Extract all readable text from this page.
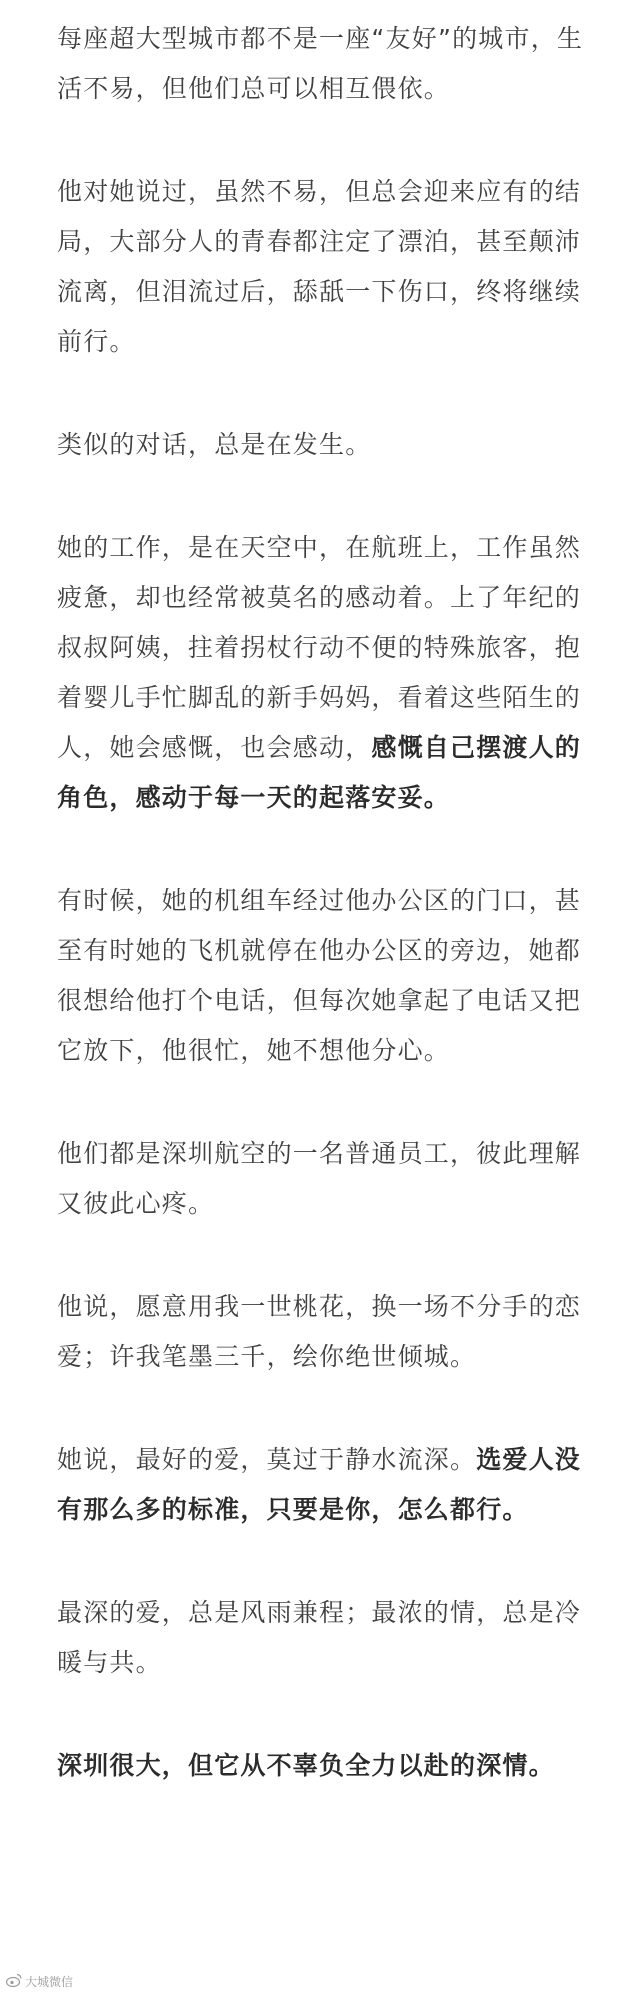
每座超大型城市都不是一座“友好”的城市，生活不易，但他们总可以相互偎依。

他对她说过，虽然不易，但总会迎来应有的结局，大部分人的青春都注定了漂泊，甚至颠沛流离，但泪流过后，舔舐一下伤口，终将继续前行。

类似的对话，总是在发生。

她的工作，是在天空中，在航班上，工作虽然疲惫，却也经常被莫名的感动着。上了年纪的叔叔阿姨，拄着拐杖行动不便的特殊旅客，抱着婴儿手忙脚乱的新手妈妈，看着这些陌生的人，她会感慨，也会感动，感慨自己摆渡人的角色，感动于每一天的起落安妥。

有时候，她的机组车经过他办公区的门口，甚至有时她的飞机就停在他办公区的旁边，她都很想给他打个电话，但每次她拿起了电话又把它放下，他很忙，她不想他分心。

他们都是深圳航空的一名普通员工，彼此理解又彼此心疼。

他说，愿意用我一世桃花，换一场不分手的恋爱；许我笔墨三千，绘你绝世倾城。

她说，最好的爱，莫过于静水流深。选爱人没有那么多的标准，只要是你，怎么都行。

最深的爱，总是风雨兼程；最浓的情，总是冷暖与共。

深圳很大，但它从不辜负全力以赴的深情。

大城微信
